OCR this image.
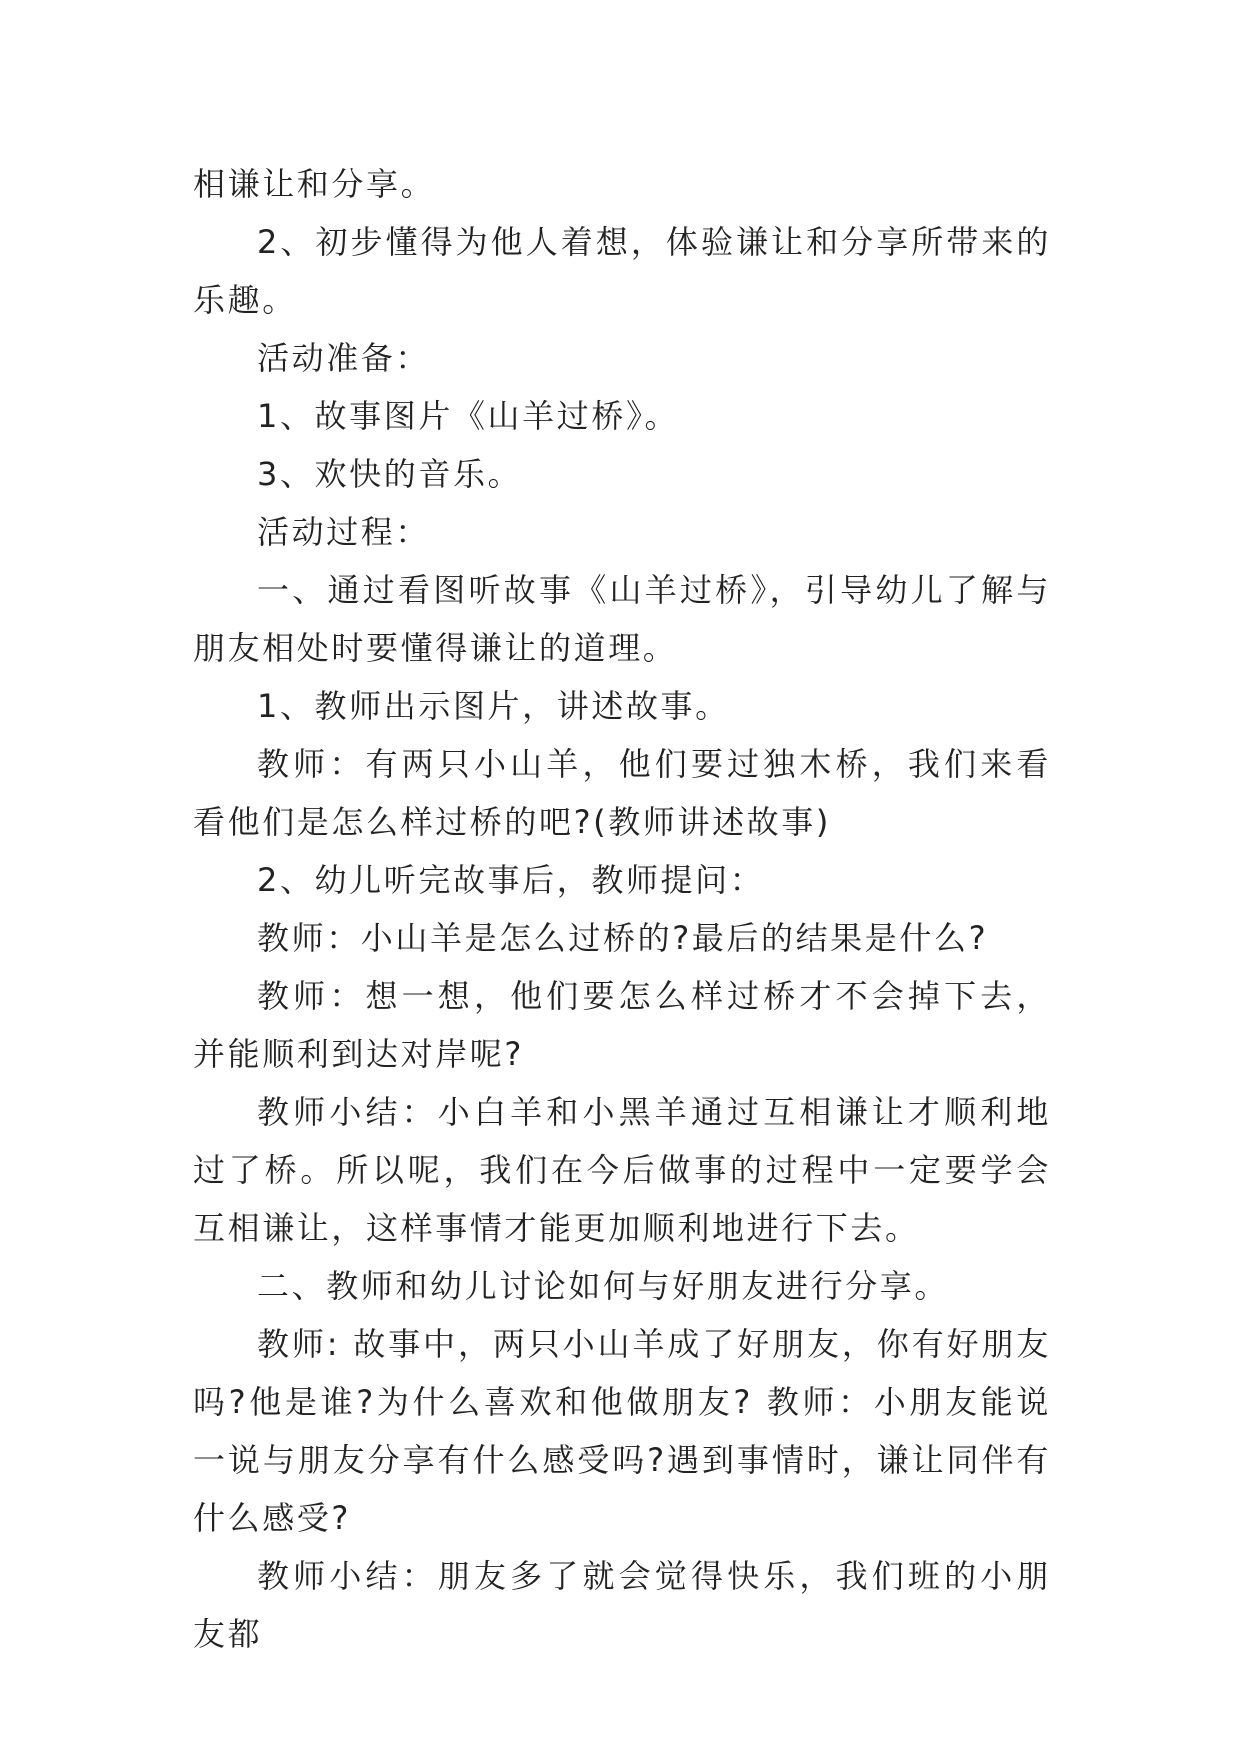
相谦让和分享。

2、初步懂得为他人着想，体验谦让和分享所带来的乐趣。

活动准备：

1、故事图片《山羊过桥》。

3、欢快的音乐。

活动过程：

一、通过看图听故事《山羊过桥》，引导幼儿了解与朋友相处时要懂得谦让的道理。

1、教师出示图片，讲述故事。

教师：有两只小山羊，他们要过独木桥，我们来看看他们是怎么样过桥的吧?(教师讲述故事)

2、幼儿听完故事后，教师提问：

教师：小山羊是怎么过桥的?最后的结果是什么?

教师：想一想，他们要怎么样过桥才不会掉下去，并能顺利到达对岸呢?

教师小结：小白羊和小黑羊通过互相谦让才顺利地过了桥。所以呢，我们在今后做事的过程中一定要学会互相谦让，这样事情才能更加顺利地进行下去。

二、教师和幼儿讨论如何与好朋友进行分享。

教师: 故事中，两只小山羊成了好朋友，你有好朋友吗?他是谁?为什么喜欢和他做朋友? 教师：小朋友能说一说与朋友分享有什么感受吗?遇到事情时，谦让同伴有什么感受?

教师小结：朋友多了就会觉得快乐，我们班的小朋友都
